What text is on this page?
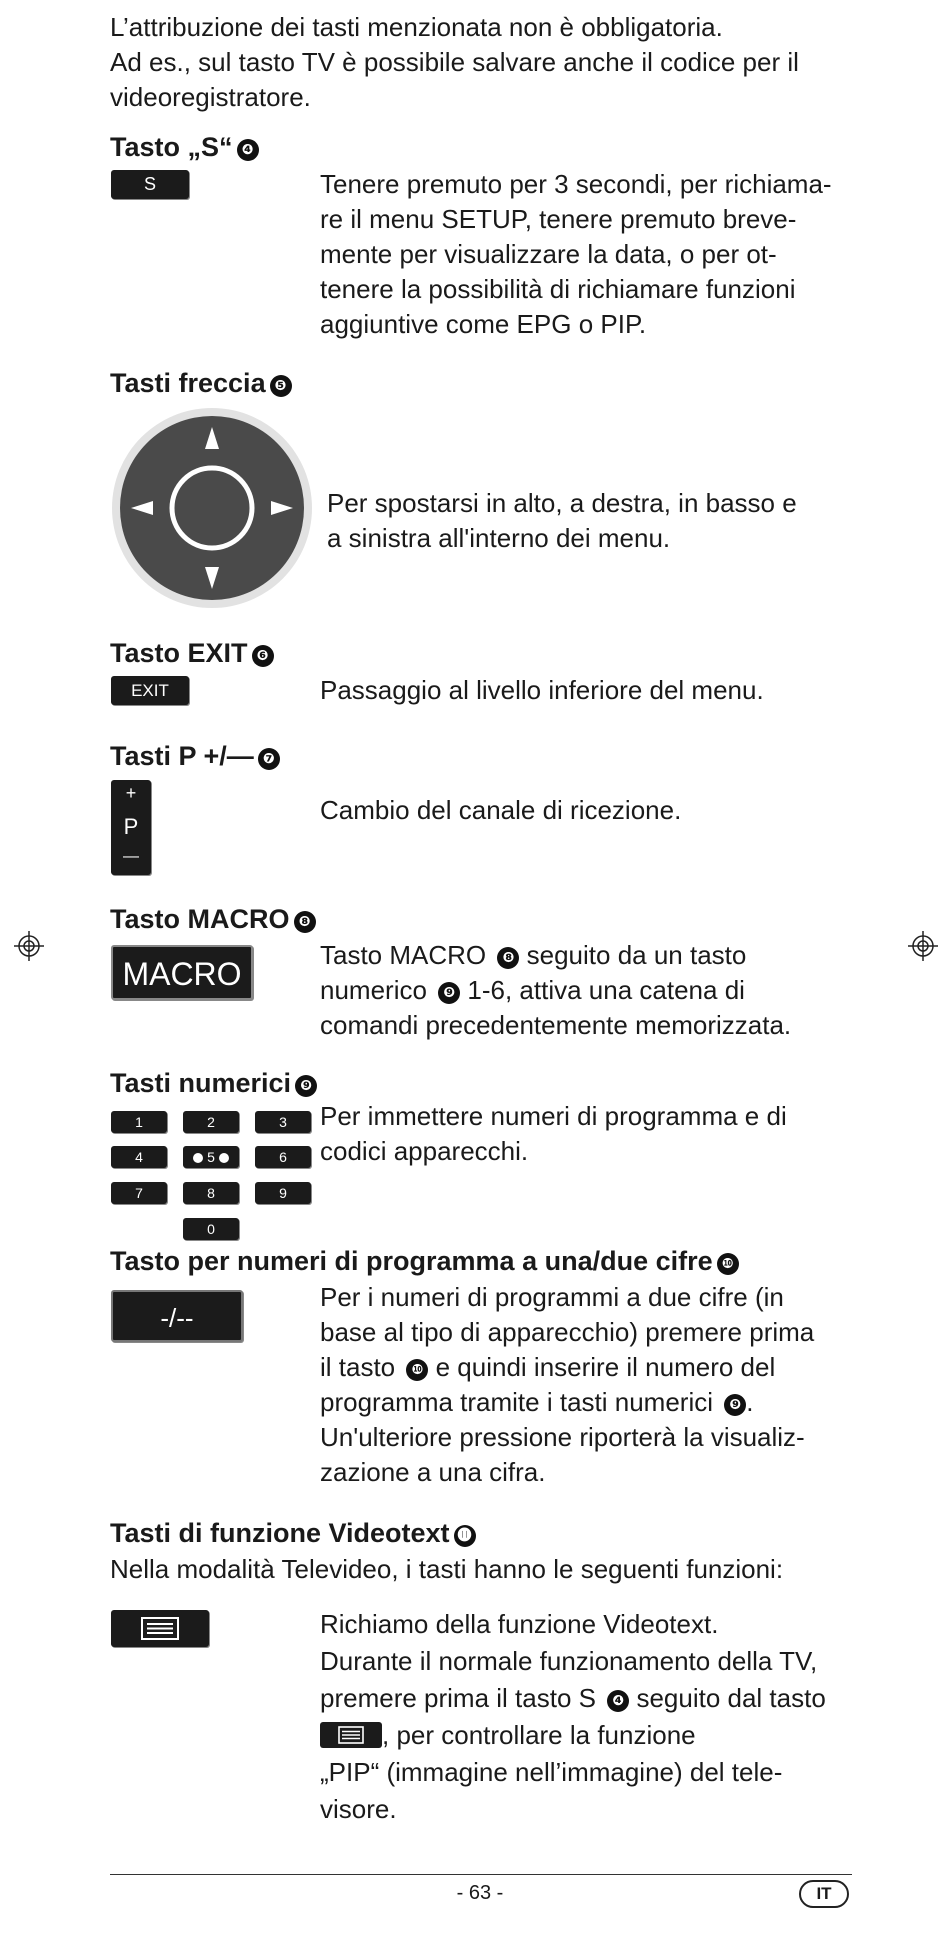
L’attribuzione dei tasti menzionata non è obbligatoria.
Ad es., sul tasto TV è possibile salvare anche il codice per il
videoregistratore.
Tasto „S“ ❹
S	Tenere premuto per 3 secondi, per richiama-
re il menu SETUP, tenere premuto breve-
mente per visualizzare la data, o per ot-
tenere la possibilità di richiamare funzioni
aggiuntive come EPG o PIP.
Tasti freccia ❺
Per spostarsi in alto, a destra, in basso e
a sinistra all'interno dei menu.
Tasto EXIT ❻
EXIT	Passaggio al livello inferiore del menu.
Tasti P +/— ❼
+
P
—
Cambio del canale di ricezione.
Tasto MACRO ❽
MACRO
Tasto MACRO ❽ seguito da un tasto
numerico ❾ 1-6, attiva una catena di
comandi precedentemente memorizzata.
Tasti numerici ❾
1	2	3
4	5	6
7	8	9
0
Per immettere numeri di programma e di
codici apparecchi.
Tasto per numeri di programma a una/due cifre ❿
-/--
Per i numeri di programmi a due cifre (in
base al tipo di apparecchio) premere prima
il tasto ❿ e quindi inserire il numero del
programma tramite i tasti numerici ❾ .
Un'ulteriore pressione riporterà la visualiz-
zazione a una cifra.
Tasti di funzione Videotext ⓫
Nella modalità Televideo, i tasti hanno le seguenti funzioni:
Richiamo della funzione Videotext.
Durante il normale funzionamento della TV,
premere prima il tasto S ❹ seguito dal tasto
, per controllare la funzione
„PIP“ (immagine nell’immagine) del tele-
visore.
- 63 -	IT
